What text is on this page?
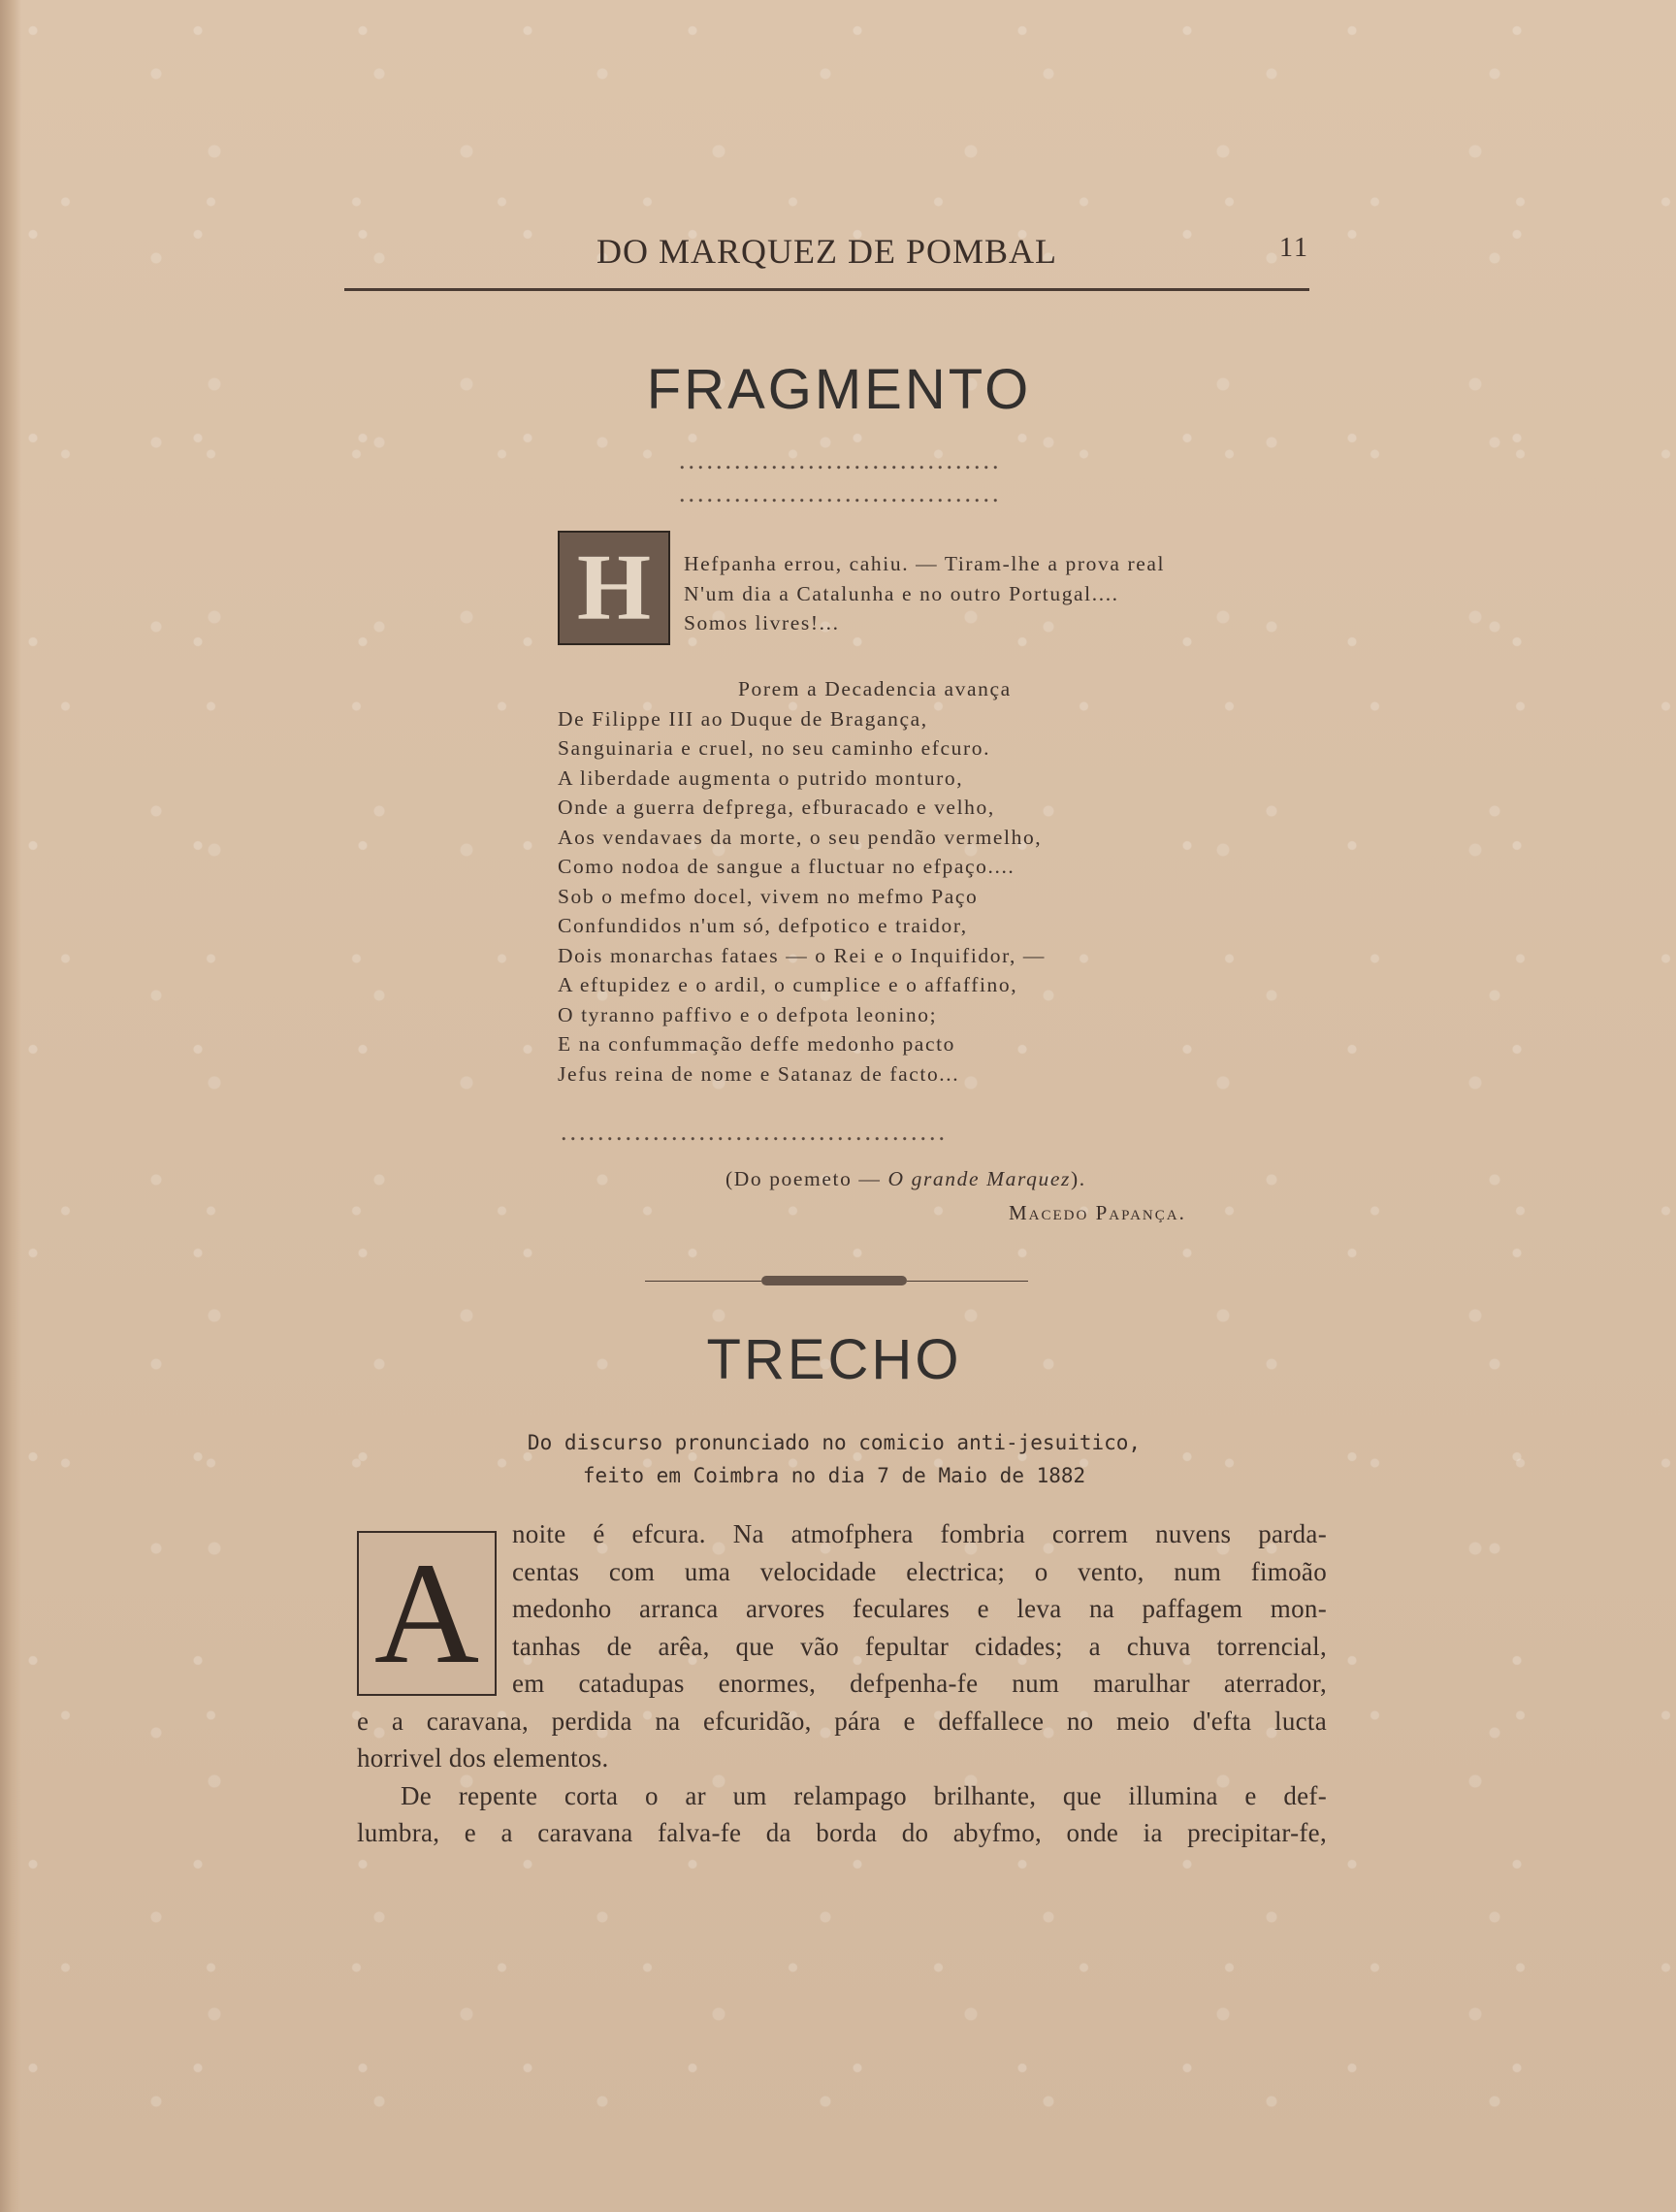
DO MARQUEZ DE POMBAL	11
FRAGMENTO
...................................
...................................
H Hefpanha errou, cahiu. — Tiram-lhe a prova real
N'um dia a Catalunha e no outro Portugal....
Somos livres!...
Porem a Decadencia avança
De Filippe III ao Duque de Bragança,
Sanguinaria e cruel, no seu caminho efcuro.
A liberdade augmenta o putrido monturo,
Onde a guerra defprega, efburacado e velho,
Aos vendavaes da morte, o seu pendão vermelho,
Como nodoa de sangue a fluctuar no efpaço....
Sob o mefmo docel, vivem no mefmo Paço
Confundidos n'um só, defpotico e traidor,
Dois monarchas fataes — o Rei e o Inquifidor, —
A eftupidez e o ardil, o cumplice e o affaffino,
O tyranno paffivo e o defpota leonino;
E na confummação deffe medonho pacto
Jefus reina de nome e Satanaz de facto...
..........................................
(Do poemeto — O grande Marquez).
Macedo Papança.
TRECHO
Do discurso pronunciado no comicio anti-jesuitico,
feito em Coimbra no dia 7 de Maio de 1882
A	noite é efcura. Na atmofphera fombria correm nuvens parda-
centas com uma velocidade electrica; o vento, num fimoão
medonho arranca arvores feculares e leva na paffagem mon-
tanhas de arêa, que vão fepultar cidades; a chuva torrencial,
em catadupas enormes, defpenha-fe num marulhar aterrador,
e a caravana, perdida na efcuridão, pára e deffallece no meio d'efta lucta
horrivel dos elementos.
De repente corta o ar um relampago brilhante, que illumina e def-
lumbra, e a caravana falva-fe da borda do abyfmo, onde ia precipitar-fe,
